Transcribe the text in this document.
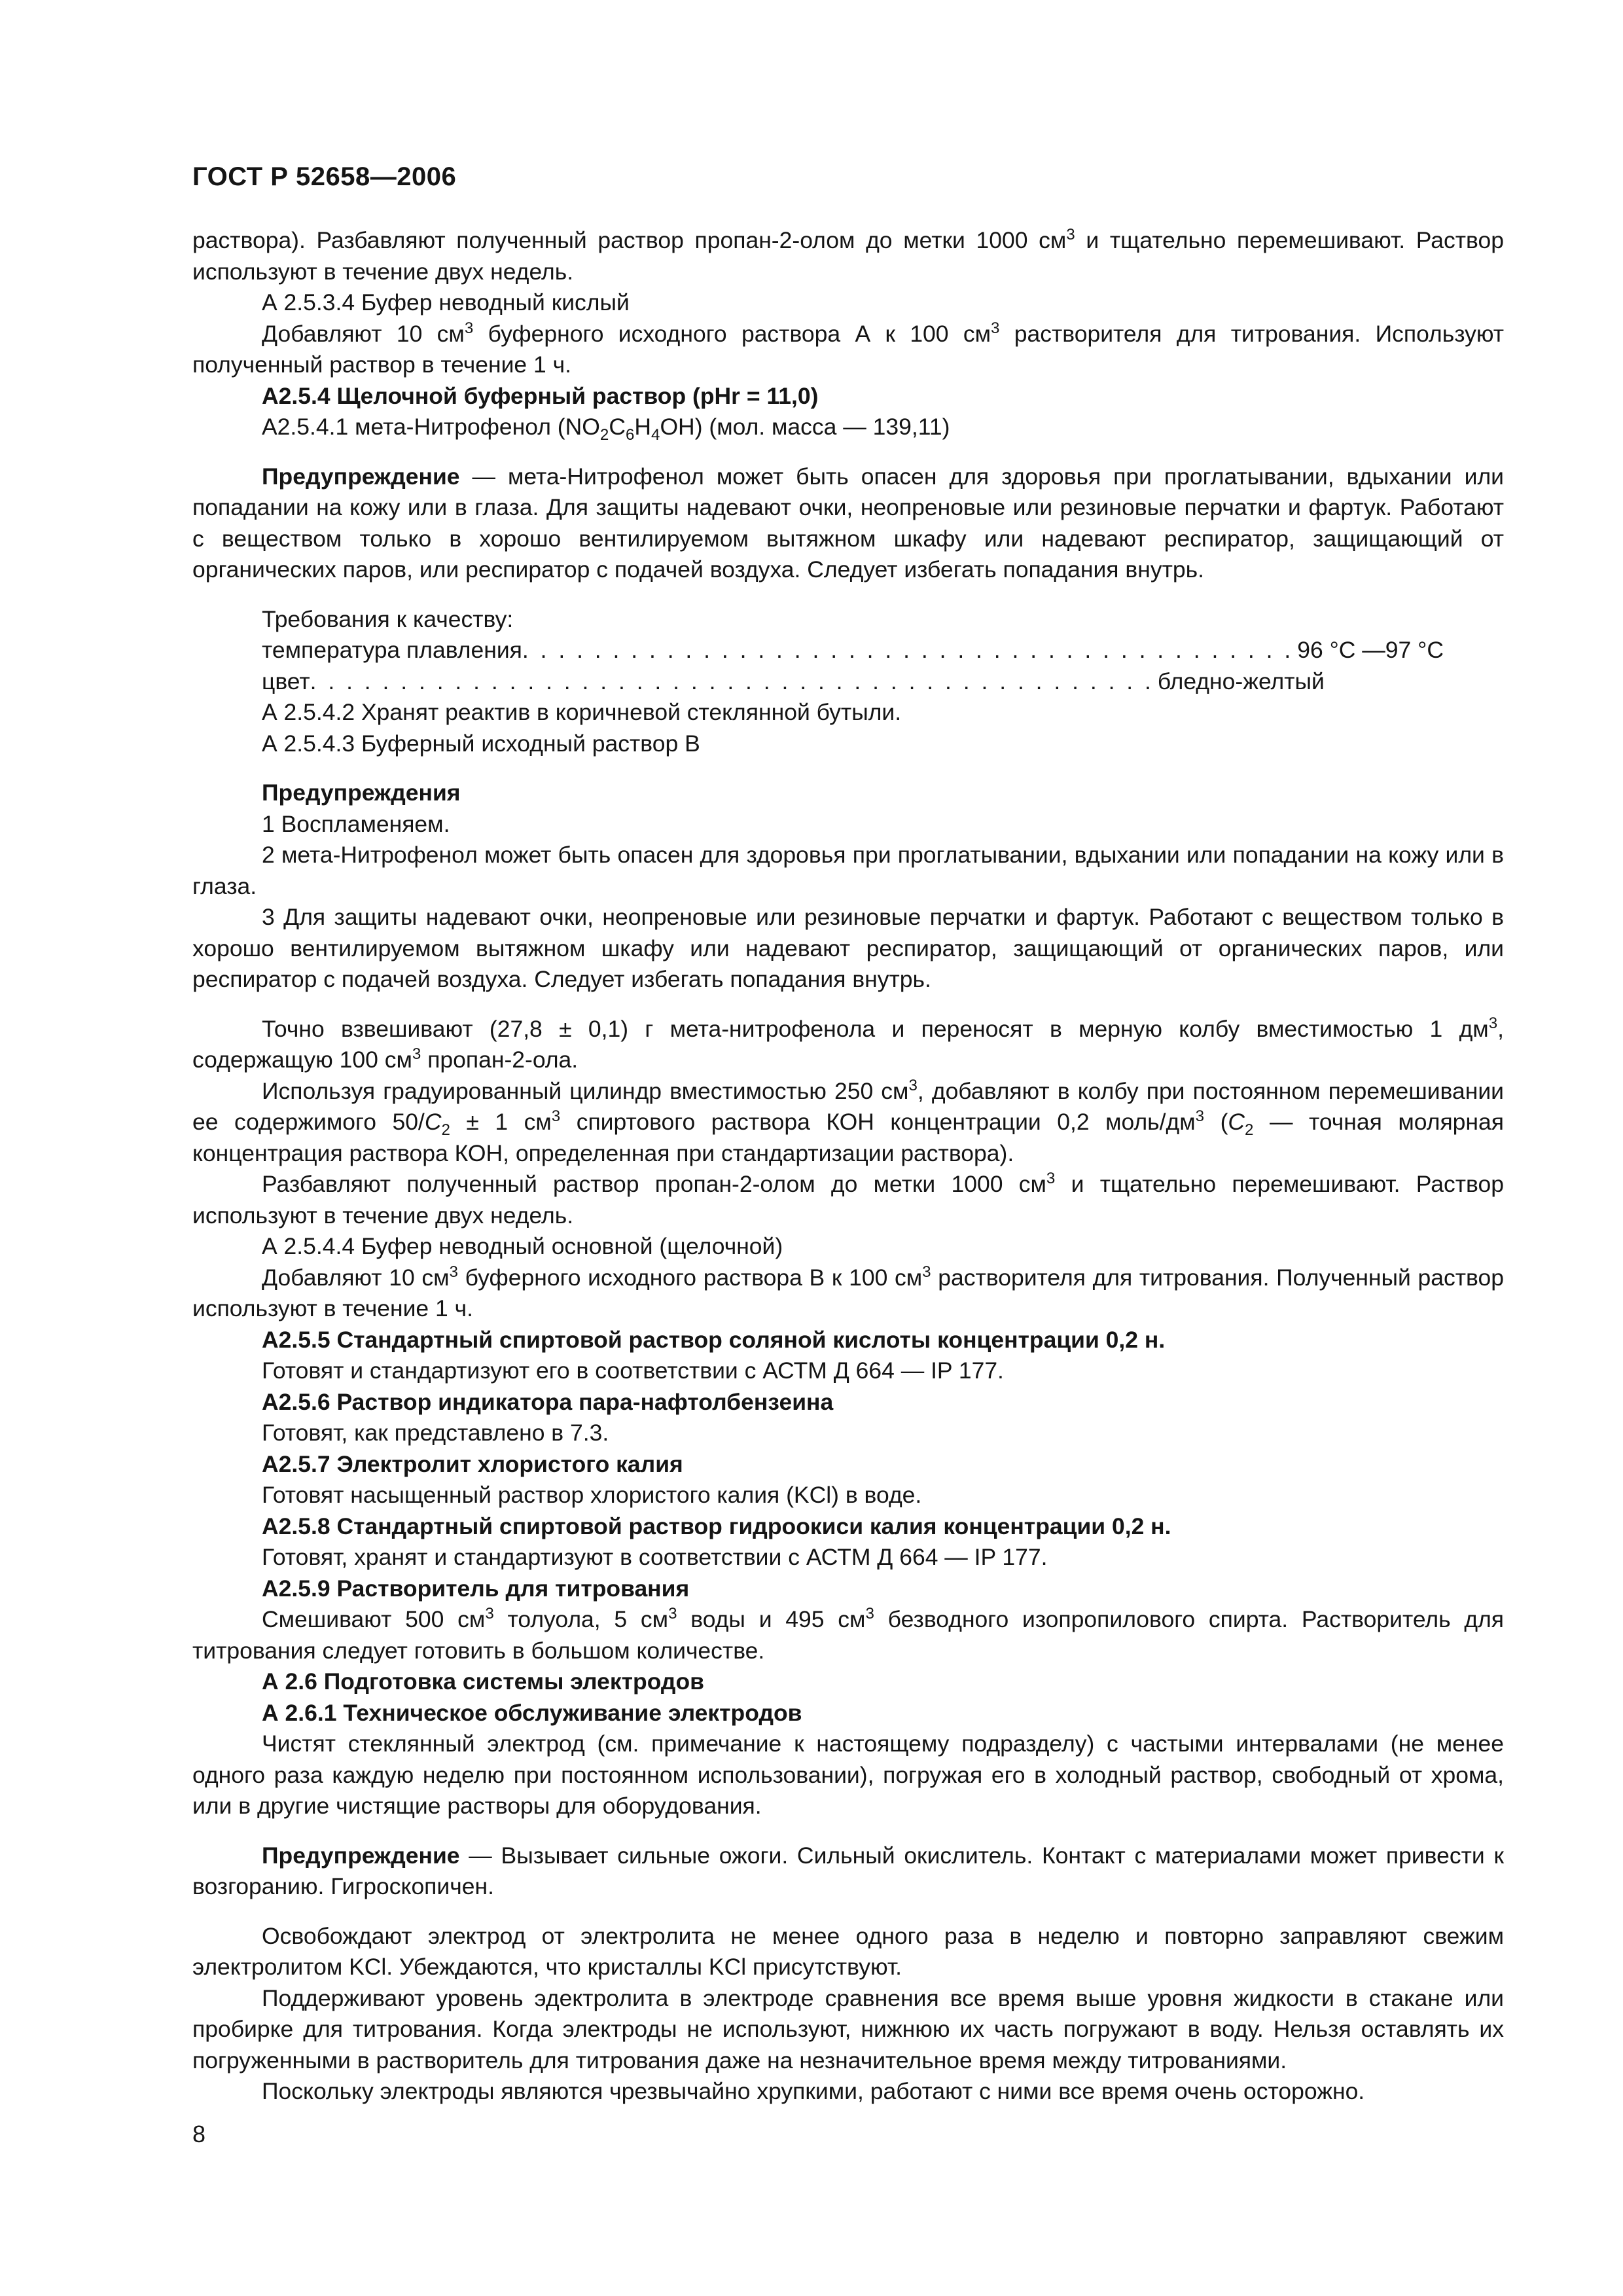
ГОСТ Р 52658—2006

раствора). Разбавляют полученный раствор пропан-2-олом до метки 1000 $см^3$ и тщательно перемешивают. Раствор используют в течение двух недель.

А 2.5.3.4 Буфер неводный кислый

Добавляют 10 $см^3$ буферного исходного раствора А к 100 $см^3$ растворителя для титрования. Используют полученный раствор в течение 1 ч.

А2.5.4 Щелочной буферный раствор (pHr = 11,0)

А2.5.4.1 мета-Нитрофенол $(NO_2C_6H_4OH)$ (мол. масса — 139,11)

Предупреждение — мета-Нитрофенол может быть опасен для здоровья при проглатывании, вдыхании или попадании на кожу или в глаза. Для защиты надевают очки, неопреновые или резиновые перчатки и фартук. Работают с веществом только в хорошо вентилируемом вытяжном шкафу или надевают респиратор, защищающий от органических паров, или респиратор с подачей воздуха. Следует избегать попадания внутрь.

Требования к качеству:
температура плавления . . . . . . . . . . . . . . . . . . . . . . . . . . . . . . . . . . . . . . . . . . . 96 °С —97 °С
цвет . . . . . . . . . . . . . . . . . . . . . . . . . . . . . . . . . . . . . . . . . . . . . . . бледно-желтый

А 2.5.4.2 Хранят реактив в коричневой стеклянной бутыли.

А 2.5.4.3 Буферный исходный раствор В

Предупреждения

1 Воспламеняем.

2 мета-Нитрофенол может быть опасен для здоровья при проглатывании, вдыхании или попадании на кожу или в глаза.

3 Для защиты надевают очки, неопреновые или резиновые перчатки и фартук. Работают с веществом только в хорошо вентилируемом вытяжном шкафу или надевают респиратор, защищающий от органических паров, или респиратор с подачей воздуха. Следует избегать попадания внутрь.

Точно взвешивают (27,8 ± 0,1) г мета-нитрофенола и переносят в мерную колбу вместимостью 1 $дм^3$, содержащую 100 $см^3$ пропан-2-ола.

Используя градуированный цилиндр вместимостью 250 $см^3$, добавляют в колбу при постоянном перемешивании ее содержимого $50/C_2 \pm 1$ $см^3$ спиртового раствора КОН концентрации 0,2 моль/$дм^3$ ($C_2$ — точная молярная концентрация раствора КОН, определенная при стандартизации раствора).

Разбавляют полученный раствор пропан-2-олом до метки 1000 $см^3$ и тщательно перемешивают. Раствор используют в течение двух недель.

А 2.5.4.4 Буфер неводный основной (щелочной)

Добавляют 10 $см^3$ буферного исходного раствора В к 100 $см^3$ растворителя для титрования. Полученный раствор используют в течение 1 ч.

А2.5.5 Стандартный спиртовой раствор соляной кислоты концентрации 0,2 н.

Готовят и стандартизуют его в соответствии с АСТМ Д 664 — IP 177.

А2.5.6 Раствор индикатора пара-нафтолбензеина

Готовят, как представлено в 7.3.

А2.5.7 Электролит хлористого калия

Готовят насыщенный раствор хлористого калия (KCl) в воде.

А2.5.8 Стандартный спиртовой раствор гидроокиси калия концентрации 0,2 н.

Готовят, хранят и стандартизуют в соответствии с АСТМ Д 664 — IP 177.

А2.5.9 Растворитель для титрования

Смешивают 500 $см^3$ толуола, 5 $см^3$ воды и 495 $см^3$ безводного изопропилового спирта. Растворитель для титрования следует готовить в большом количестве.

А 2.6 Подготовка системы электродов

А 2.6.1 Техническое обслуживание электродов

Чистят стеклянный электрод (см. примечание к настоящему подразделу) с частыми интервалами (не менее одного раза каждую неделю при постоянном использовании), погружая его в холодный раствор, свободный от хрома, или в другие чистящие растворы для оборудования.

Предупреждение — Вызывает сильные ожоги. Сильный окислитель. Контакт с материалами может привести к возгоранию. Гигроскопичен.

Освобождают электрод от электролита не менее одного раза в неделю и повторно заправляют свежим электролитом KCl. Убеждаются, что кристаллы KCl присутствуют.

Поддерживают уровень эдектролита в электроде сравнения все время выше уровня жидкости в стакане или пробирке для титрования. Когда электроды не используют, нижнюю их часть погружают в воду. Нельзя оставлять их погруженными в растворитель для титрования даже на незначительное время между титрованиями.

Поскольку электроды являются чрезвычайно хрупкими, работают с ними все время очень осторожно.

8
